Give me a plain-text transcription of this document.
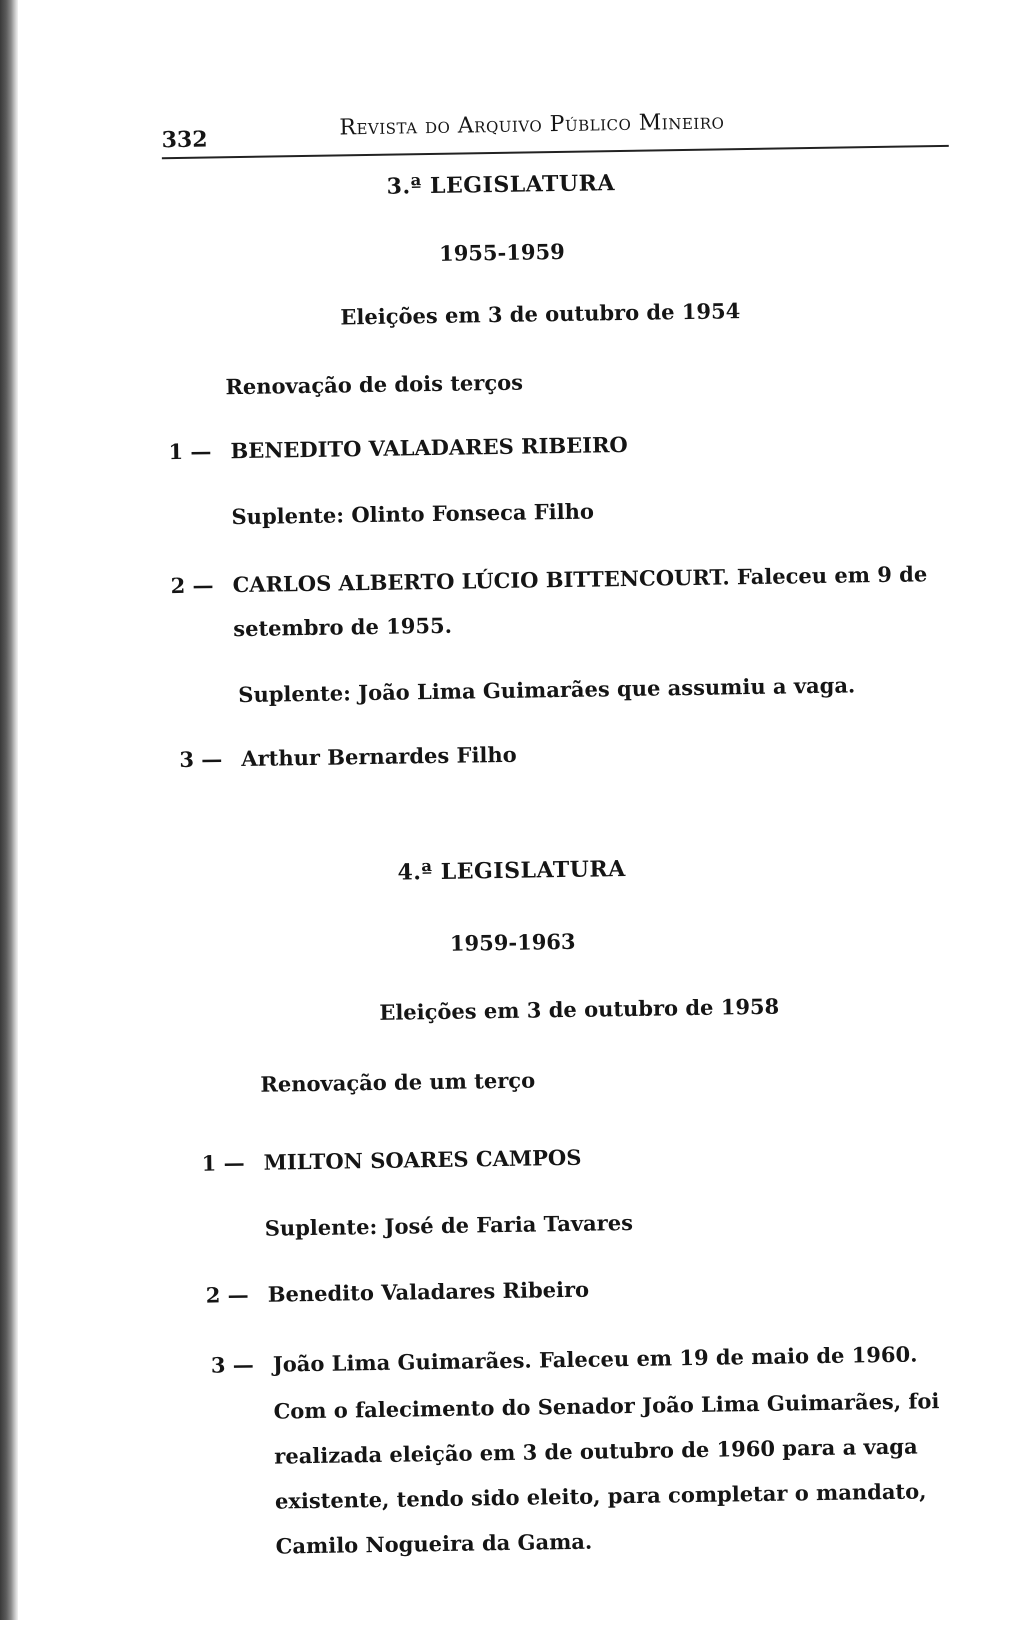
332	Revista do Arquivo Público Mineiro
3.ª LEGISLATURA
1955-1959
Eleições em 3 de outubro de 1954
Renovação de dois terços
1 — BENEDITO VALADARES RIBEIRO
Suplente: Olinto Fonseca Filho
2 — CARLOS ALBERTO LÚCIO BITTENCOURT. Faleceu em 9 de
setembro de 1955.
Suplente: João Lima Guimarães que assumiu a vaga.
3 — Arthur Bernardes Filho
4.ª LEGISLATURA
1959-1963
Eleições em 3 de outubro de 1958
Renovação de um terço
1 — MILTON SOARES CAMPOS
Suplente: José de Faria Tavares
2 — Benedito Valadares Ribeiro
3 — João Lima Guimarães. Faleceu em 19 de maio de 1960.
Com o falecimento do Senador João Lima Guimarães, foi realizada eleição em 3 de outubro de 1960 para a vaga existente, tendo sido eleito, para completar o mandato, Camilo Nogueira da Gama.
